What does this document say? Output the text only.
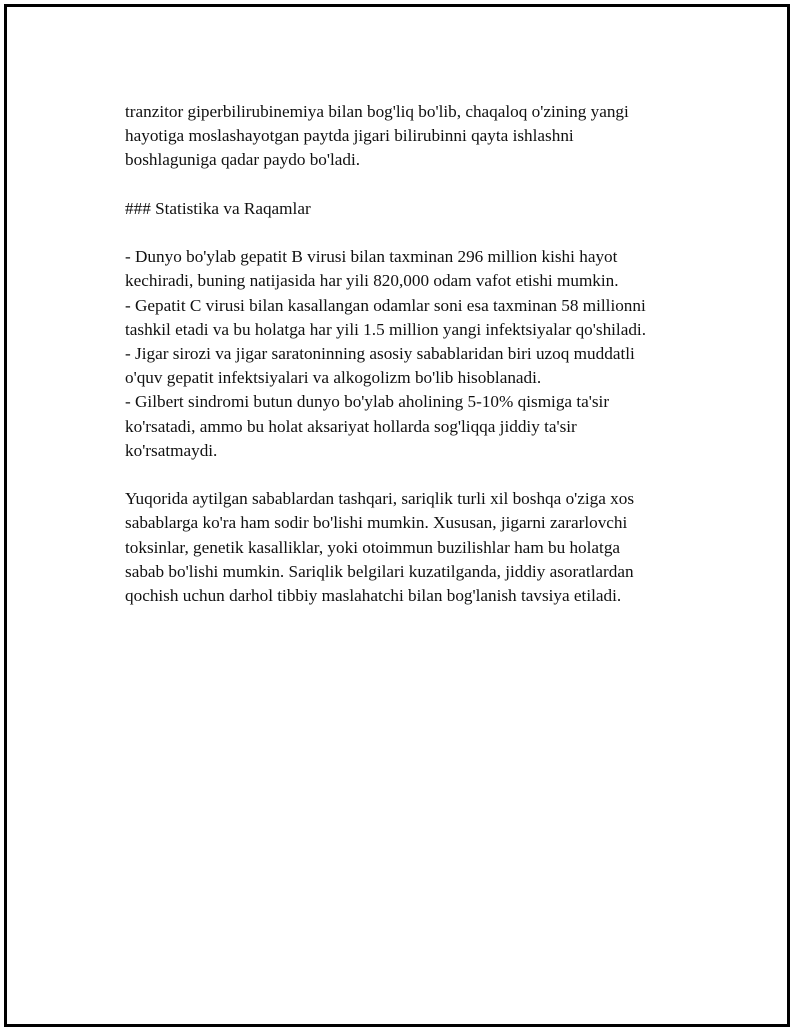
tranzitor giperbilirubinemiya bilan bog'liq bo'lib, chaqaloq o'zining yangi
hayotiga moslashayotgan paytda jigari bilirubinni qayta ishlashni
boshlaguniga qadar paydo bo'ladi.

### Statistika va Raqamlar

- Dunyo bo'ylab gepatit B virusi bilan taxminan 296 million kishi hayot
kechiradi, buning natijasida har yili 820,000 odam vafot etishi mumkin.
- Gepatit C virusi bilan kasallangan odamlar soni esa taxminan 58 millionni
tashkil etadi va bu holatga har yili 1.5 million yangi infektsiyalar qo'shiladi.
- Jigar sirozi va jigar saratoninning asosiy sabablaridan biri uzoq muddatli
o'quv gepatit infektsiyalari va alkogolizm bo'lib hisoblanadi.
- Gilbert sindromi butun dunyo bo'ylab aholining 5-10% qismiga ta'sir
ko'rsatadi, ammo bu holat aksariyat hollarda sog'liqqa jiddiy ta'sir
ko'rsatmaydi.

Yuqorida aytilgan sabablardan tashqari, sariqlik turli xil boshqa o'ziga xos
sabablarga ko'ra ham sodir bo'lishi mumkin. Xususan, jigarni zararlovchi
toksinlar, genetik kasalliklar, yoki otoimmun buzilishlar ham bu holatga
sabab bo'lishi mumkin. Sariqlik belgilari kuzatilganda, jiddiy asoratlardan
qochish uchun darhol tibbiy maslahatchi bilan bog'lanish tavsiya etiladi.
